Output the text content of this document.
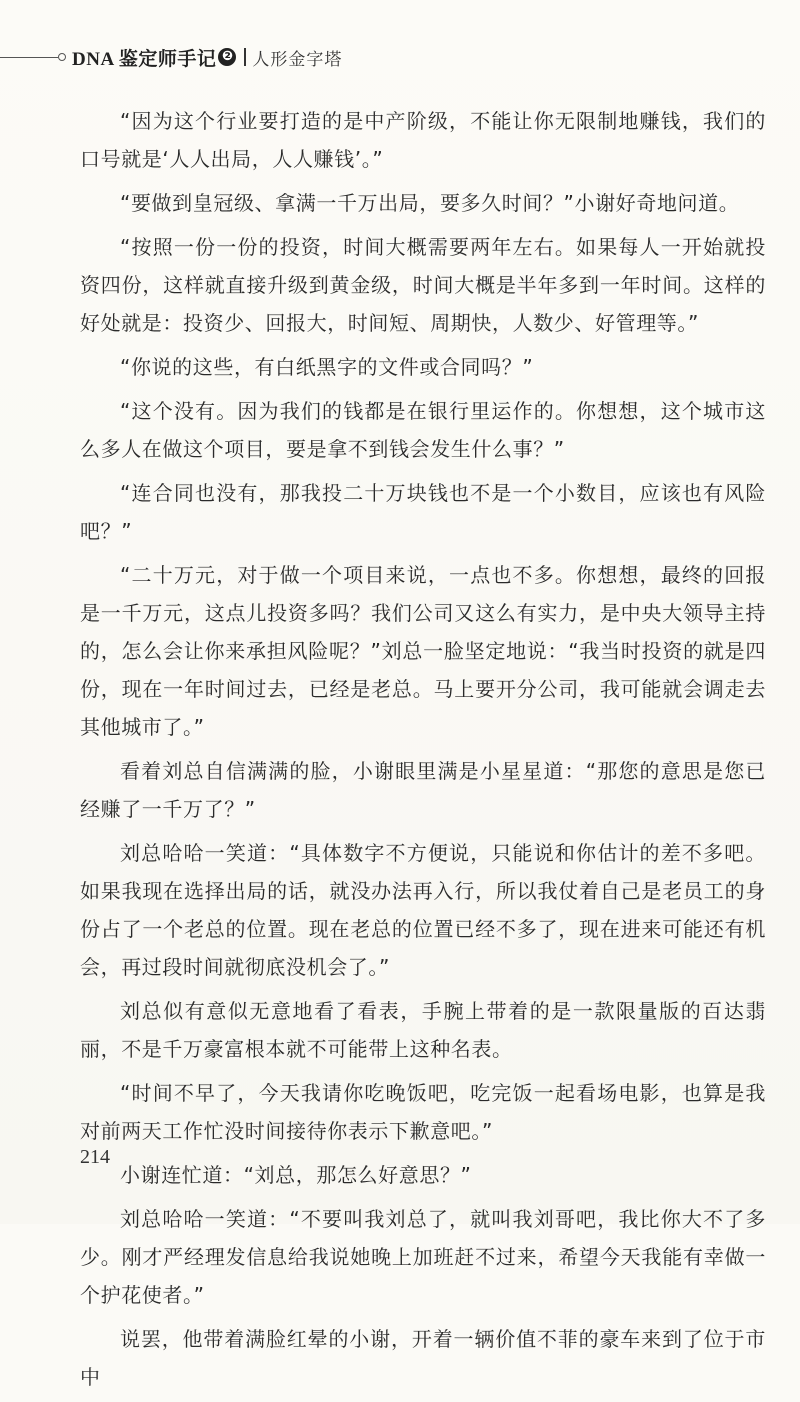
DNA 鉴定师手记 ❷ 人形金字塔

“因为这个行业要打造的是中产阶级，不能让你无限制地赚钱，我们的口号就是‘人人出局，人人赚钱’。”

“要做到皇冠级、拿满一千万出局，要多久时间？”小谢好奇地问道。

“按照一份一份的投资，时间大概需要两年左右。如果每人一开始就投资四份，这样就直接升级到黄金级，时间大概是半年多到一年时间。这样的好处就是：投资少、回报大，时间短、周期快，人数少、好管理等。”

“你说的这些，有白纸黑字的文件或合同吗？”

“这个没有。因为我们的钱都是在银行里运作的。你想想，这个城市这么多人在做这个项目，要是拿不到钱会发生什么事？”

“连合同也没有，那我投二十万块钱也不是一个小数目，应该也有风险吧？”

“二十万元，对于做一个项目来说，一点也不多。你想想，最终的回报是一千万元，这点儿投资多吗？我们公司又这么有实力，是中央大领导主持的，怎么会让你来承担风险呢？”刘总一脸坚定地说：“我当时投资的就是四份，现在一年时间过去，已经是老总。马上要开分公司，我可能就会调走去其他城市了。”

看着刘总自信满满的脸，小谢眼里满是小星星道：“那您的意思是您已经赚了一千万了？”

刘总哈哈一笑道：“具体数字不方便说，只能说和你估计的差不多吧。如果我现在选择出局的话，就没办法再入行，所以我仗着自己是老员工的身份占了一个老总的位置。现在老总的位置已经不多了，现在进来可能还有机会，再过段时间就彻底没机会了。”

刘总似有意似无意地看了看表，手腕上带着的是一款限量版的百达翡丽，不是千万豪富根本就不可能带上这种名表。

“时间不早了，今天我请你吃晚饭吧，吃完饭一起看场电影，也算是我对前两天工作忙没时间接待你表示下歉意吧。”

小谢连忙道：“刘总，那怎么好意思？”

刘总哈哈一笑道：“不要叫我刘总了，就叫我刘哥吧，我比你大不了多少。刚才严经理发信息给我说她晚上加班赶不过来，希望今天我能有幸做一个护花使者。”

说罢，他带着满脸红晕的小谢，开着一辆价值不菲的豪车来到了位于市中

214
